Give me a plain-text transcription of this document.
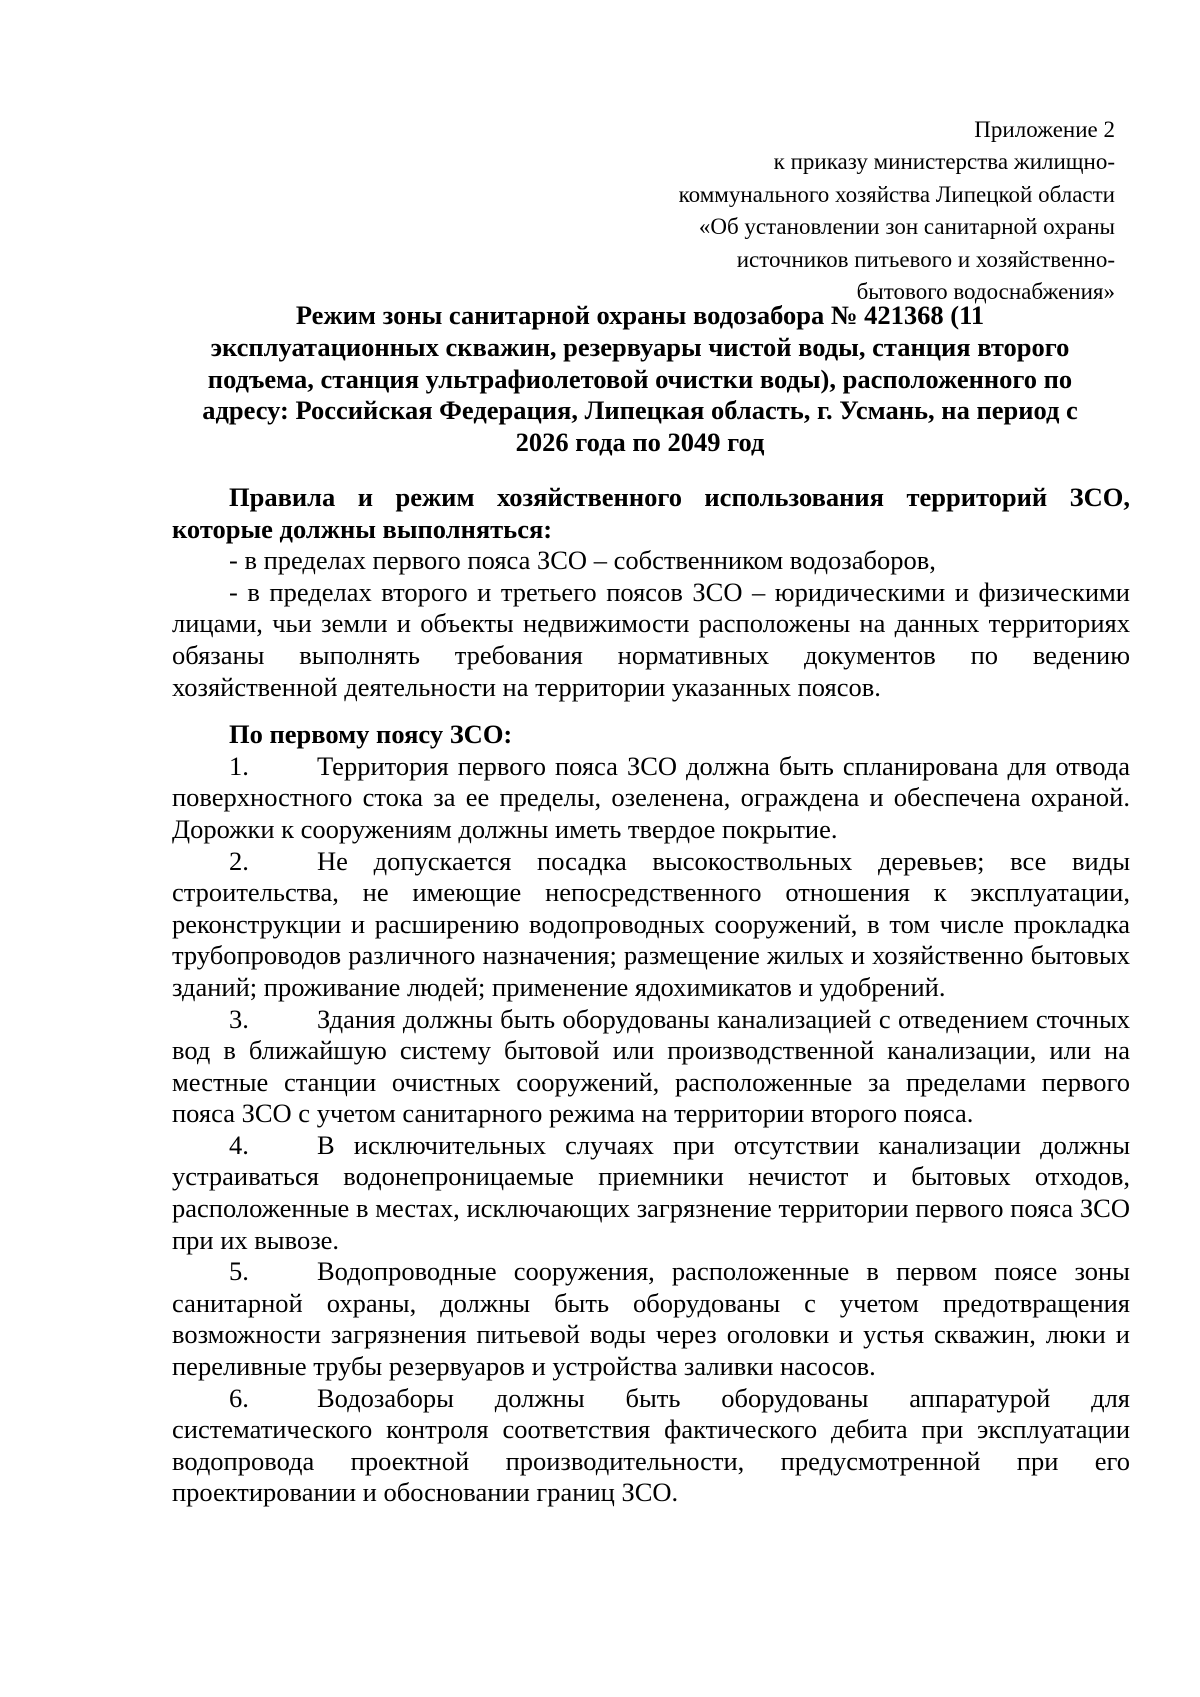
Приложение 2
к приказу министерства жилищно-
коммунального хозяйства Липецкой области
«Об установлении зон санитарной охраны
источников питьевого и хозяйственно-
бытового водоснабжения»
Режим зоны санитарной охраны водозабора № 421368 (11
эксплуатационных скважин, резервуары чистой воды, станция второго
подъема, станция ультрафиолетовой очистки воды), расположенного по
адресу: Российская Федерация, Липецкая область, г. Усмань, на период с
2026 года по 2049 год

Правила и режим хозяйственного использования территорий ЗСО, которые должны выполняться:

- в пределах первого пояса ЗСО – собственником водозаборов,

- в пределах второго и третьего поясов ЗСО – юридическими и физическими лицами, чьи земли и объекты недвижимости расположены на данных территориях обязаны выполнять требования нормативных документов по ведению хозяйственной деятельности на территории указанных поясов.

По первому поясу ЗСО:

1.	Территория первого пояса ЗСО должна быть спланирована для отвода поверхностного стока за ее пределы, озеленена, ограждена и обеспечена охраной. Дорожки к сооружениям должны иметь твердое покрытие.

2.	Не допускается посадка высокоствольных деревьев; все виды строительства, не имеющие непосредственного отношения к эксплуатации, реконструкции и расширению водопроводных сооружений, в том числе прокладка трубопроводов различного назначения; размещение жилых и хозяйственно бытовых зданий; проживание людей; применение ядохимикатов и удобрений.

3.	Здания должны быть оборудованы канализацией с отведением сточных вод в ближайшую систему бытовой или производственной канализации, или на местные станции очистных сооружений, расположенные за пределами первого пояса ЗСО с учетом санитарного режима на территории второго пояса.

4.	В исключительных случаях при отсутствии канализации должны устраиваться водонепроницаемые приемники нечистот и бытовых отходов, расположенные в местах, исключающих загрязнение территории первого пояса ЗСО при их вывозе.

5.	Водопроводные сооружения, расположенные в первом поясе зоны санитарной охраны, должны быть оборудованы с учетом предотвращения возможности загрязнения питьевой воды через оголовки и устья скважин, люки и переливные трубы резервуаров и устройства заливки насосов.

6.	Водозаборы должны быть оборудованы аппаратурой для систематического контроля соответствия фактического дебита при эксплуатации водопровода проектной производительности, предусмотренной при его проектировании и обосновании границ ЗСО.
